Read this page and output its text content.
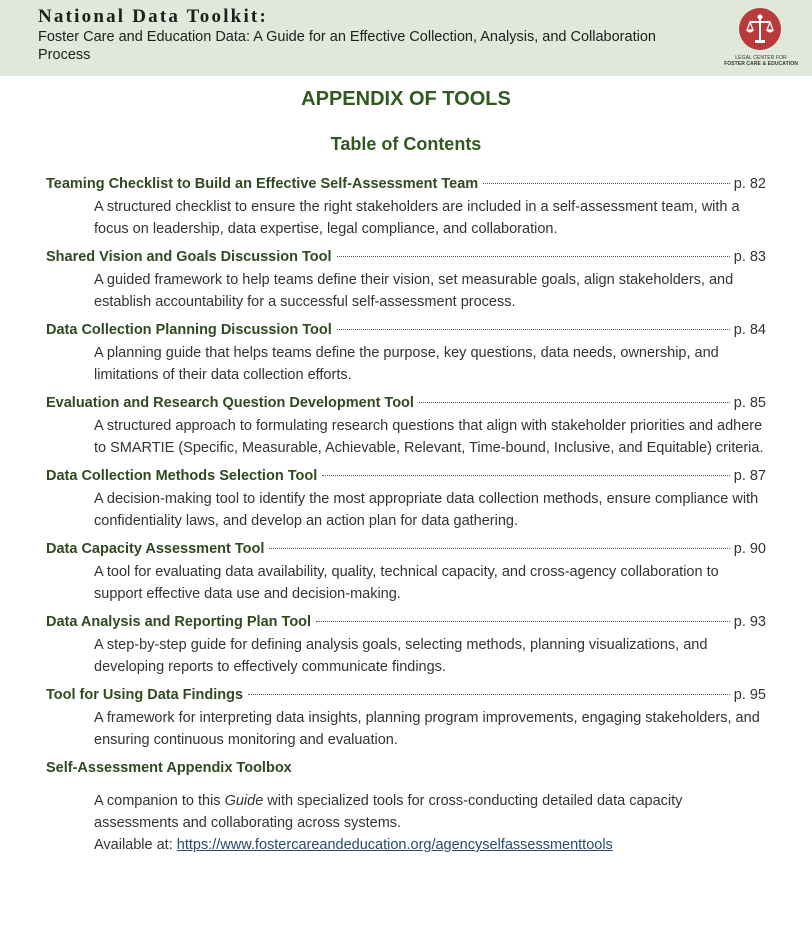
National Data Toolkit:
Foster Care and Education Data: A Guide for an Effective Collection, Analysis, and Collaboration Process	LEGAL CENTER FOR
FOSTER CARE & EDUCATION
APPENDIX OF TOOLS
Table of Contents
Teaming Checklist to Build an Effective Self-Assessment Team	p. 82
A structured checklist to ensure the right stakeholders are included in a self-assessment team, with a focus on leadership, data expertise, legal compliance, and collaboration.
Shared Vision and Goals Discussion Tool	p. 83
A guided framework to help teams define their vision, set measurable goals, align stakeholders, and establish accountability for a successful self-assessment process.
Data Collection Planning Discussion Tool	p. 84
A planning guide that helps teams define the purpose, key questions, data needs, ownership, and limitations of their data collection efforts.
Evaluation and Research Question Development Tool	p. 85
A structured approach to formulating research questions that align with stakeholder priorities and adhere to SMARTIE (Specific, Measurable, Achievable, Relevant, Time-bound, Inclusive, and Equitable) criteria.
Data Collection Methods Selection Tool	p. 87
A decision-making tool to identify the most appropriate data collection methods, ensure compliance with confidentiality laws, and develop an action plan for data gathering.
Data Capacity Assessment Tool	p. 90
A tool for evaluating data availability, quality, technical capacity, and cross-agency collaboration to support effective data use and decision-making.
Data Analysis and Reporting Plan Tool	p. 93
A step-by-step guide for defining analysis goals, selecting methods, planning visualizations, and developing reports to effectively communicate findings.
Tool for Using Data Findings	p. 95
A framework for interpreting data insights, planning program improvements, engaging stakeholders, and ensuring continuous monitoring and evaluation.
Self-Assessment Appendix Toolbox
A companion to this Guide with specialized tools for cross-conducting detailed data capacity assessments and collaborating across systems.
Available at: https://www.fostercareandeducation.org/agencyselfassessmenttools
